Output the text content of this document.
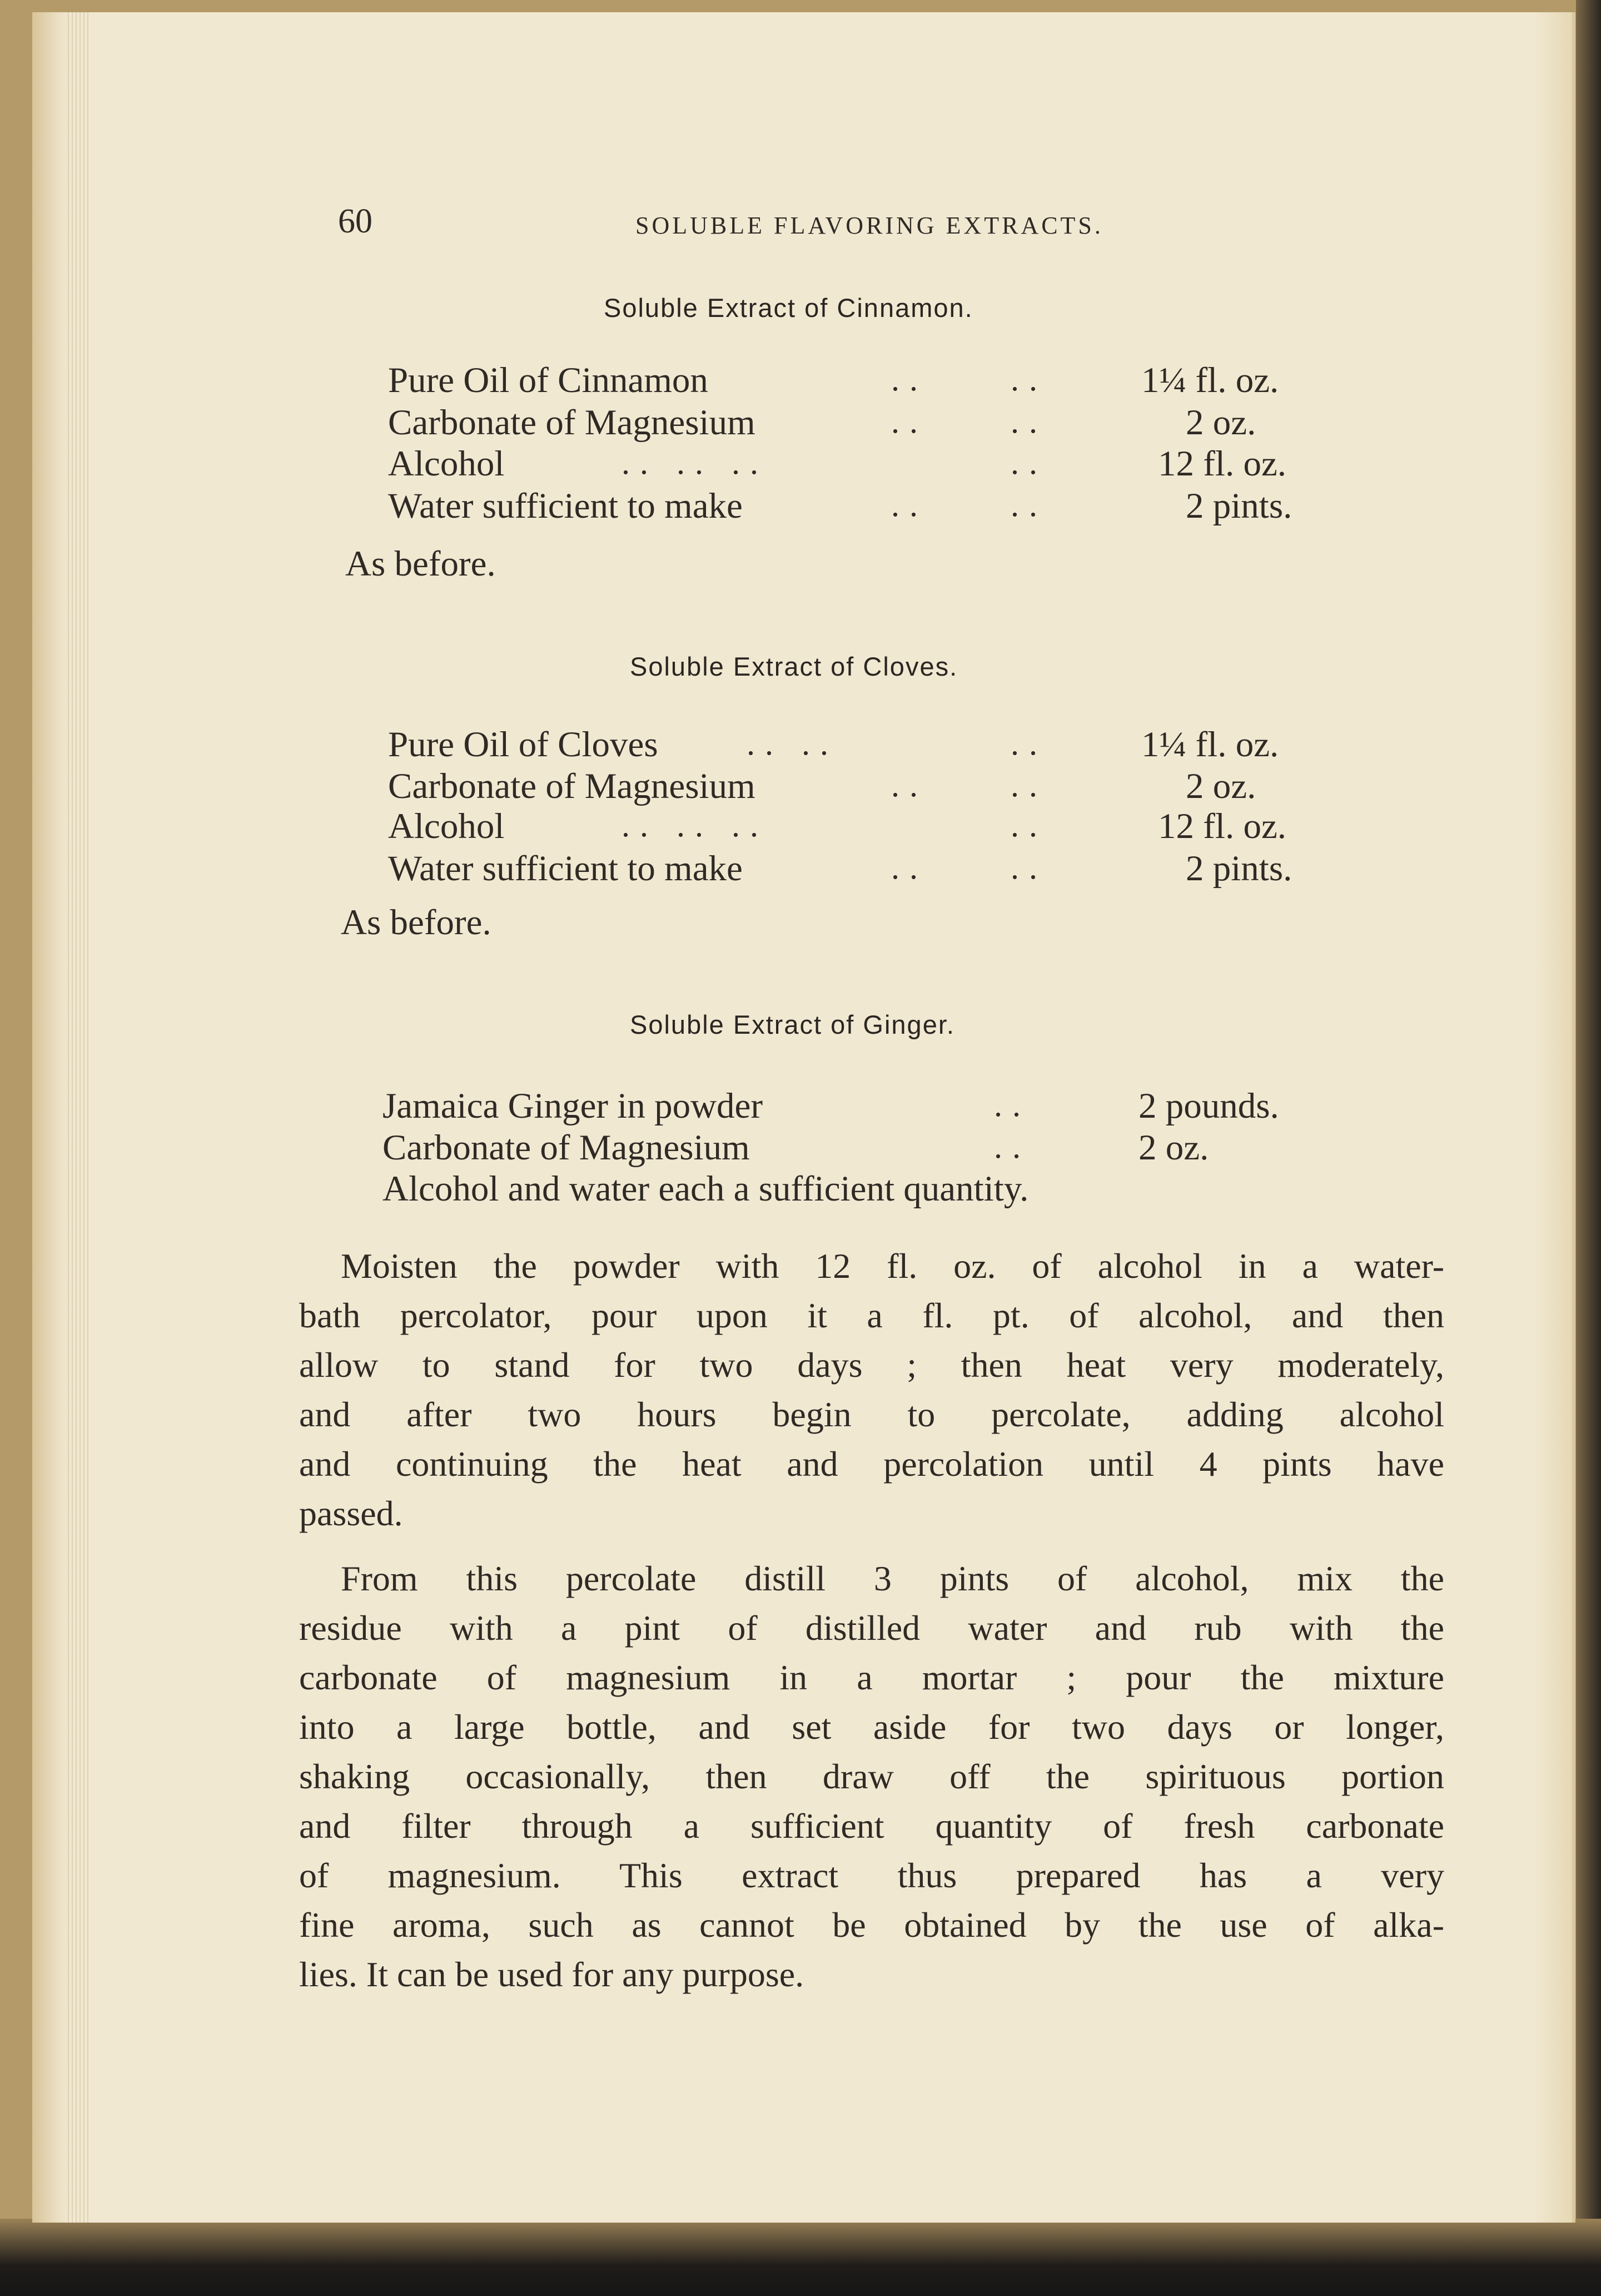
60	SOLUBLE FLAVORING EXTRACTS.
Soluble Extract of Cinnamon.
Pure Oil of Cinnamon	.. ..	1¼ fl. oz.
Carbonate of Magnesium	.. ..	2 oz.
Alcohol	.. .. ..	..	12 fl. oz.
Water sufficient to make	.. ..	2 pints.
As before.
Soluble Extract of Cloves.
Pure Oil of Cloves	.. ..	..	1¼ fl. oz.
Carbonate of Magnesium	.. ..	2 oz.
Alcohol	.. .. ..	..	12 fl. oz.
Water sufficient to make	.. ..	2 pints.
As before.
Soluble Extract of Ginger.
Jamaica Ginger in powder	..	2 pounds.
Carbonate of Magnesium	..	2 oz.
Alcohol and water each a sufficient quantity.
Moisten the powder with 12 fl. oz. of alcohol in a water-
bath percolator, pour upon it a fl. pt. of alcohol, and then
allow to stand for two days ; then heat very moderately,
and after two hours begin to percolate, adding alcohol
and continuing the heat and percolation until 4 pints have
passed.
From this percolate distill 3 pints of alcohol, mix the
residue with a pint of distilled water and rub with the
carbonate of magnesium in a mortar ; pour the mixture
into a large bottle, and set aside for two days or longer,
shaking occasionally, then draw off the spirituous portion
and filter through a sufficient quantity of fresh carbonate
of magnesium. This extract thus prepared has a very
fine aroma, such as cannot be obtained by the use of alka-
lies. It can be used for any purpose.
